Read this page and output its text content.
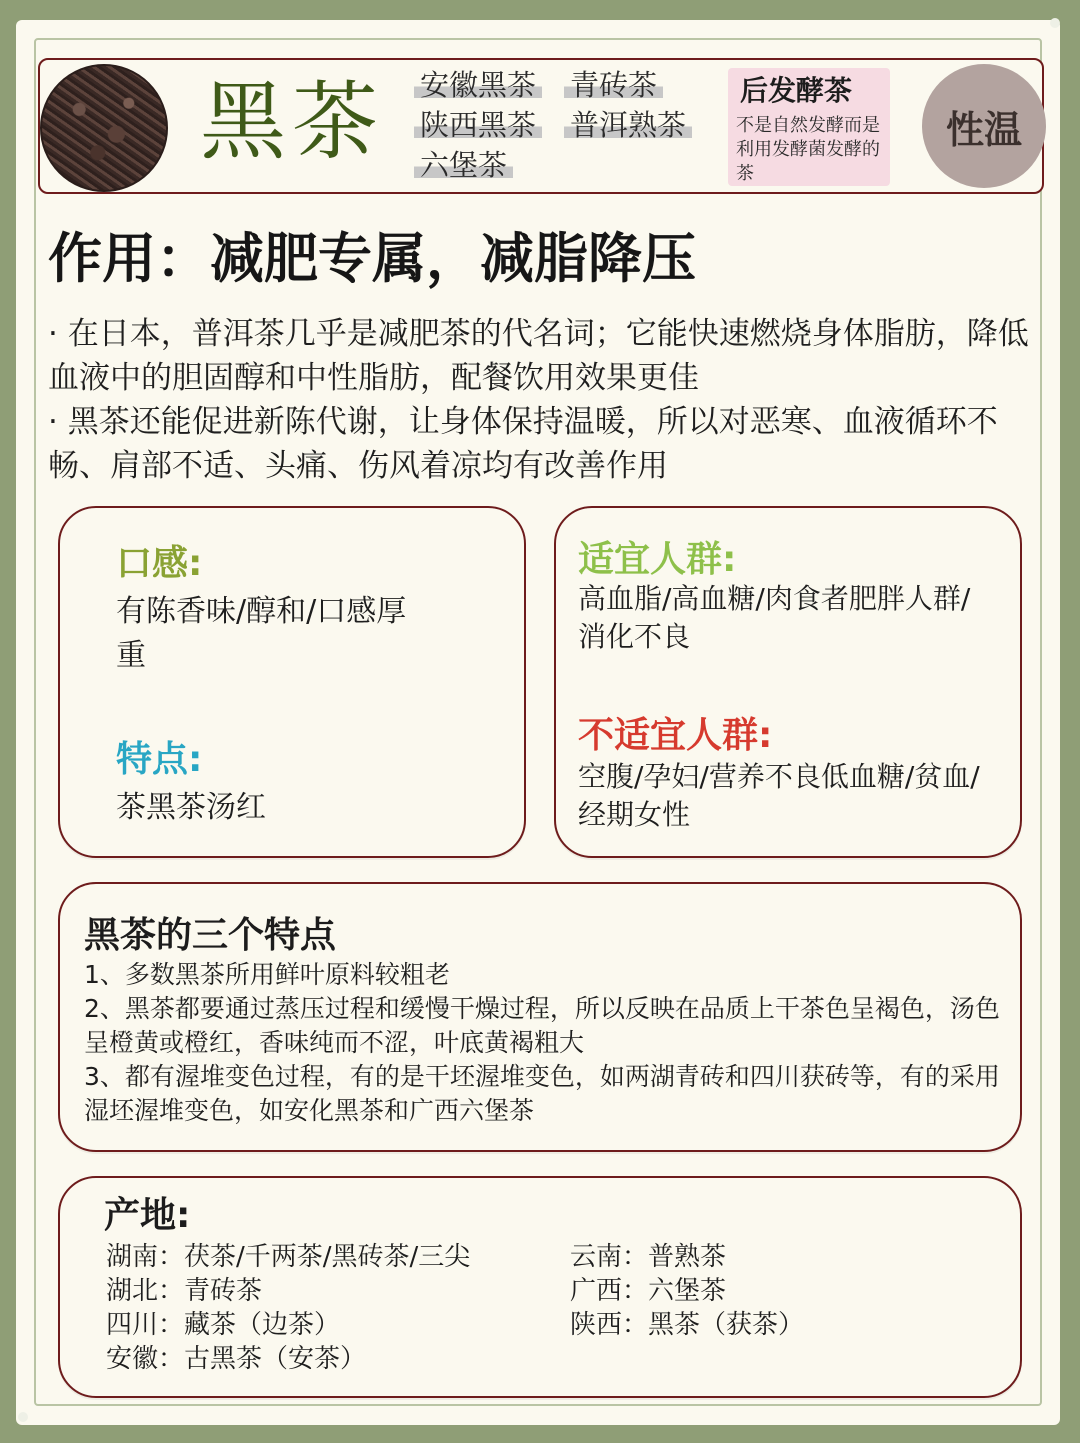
黑茶 安徽黑茶 青砖茶
陕西黑茶 普洱熟茶
六堡茶
后发酵茶
不是自然发酵而是利用发酵菌发酵的茶
性温
作用：减肥专属，减脂降压
· 在日本，普洱茶几乎是减肥茶的代名词；它能快速燃烧身体脂肪，降低血液中的胆固醇和中性脂肪，配餐饮用效果更佳
· 黑茶还能促进新陈代谢，让身体保持温暖，所以对恶寒、血液循环不畅、肩部不适、头痛、伤风着凉均有改善作用
口感:
有陈香味/醇和/口感厚重
特点:
茶黑茶汤红
适宜人群:
高血脂/高血糖/肉食者肥胖人群/消化不良
不适宜人群:
空腹/孕妇/营养不良低血糖/贫血/经期女性
黑茶的三个特点
1、多数黑茶所用鲜叶原料较粗老
2、黑茶都要通过蒸压过程和缓慢干燥过程，所以反映在品质上干茶色呈褐色，汤色呈橙黄或橙红，香味纯而不涩，叶底黄褐粗大
3、都有渥堆变色过程，有的是干坯渥堆变色，如两湖青砖和四川获砖等，有的采用湿坯渥堆变色，如安化黑茶和广西六堡茶
产地:
湖南：茯茶/千两茶/黑砖茶/三尖
湖北：青砖茶
四川：藏茶（边茶）
安徽：古黑茶（安茶）
云南：普熟茶
广西：六堡茶
陕西：黑茶（获茶）
